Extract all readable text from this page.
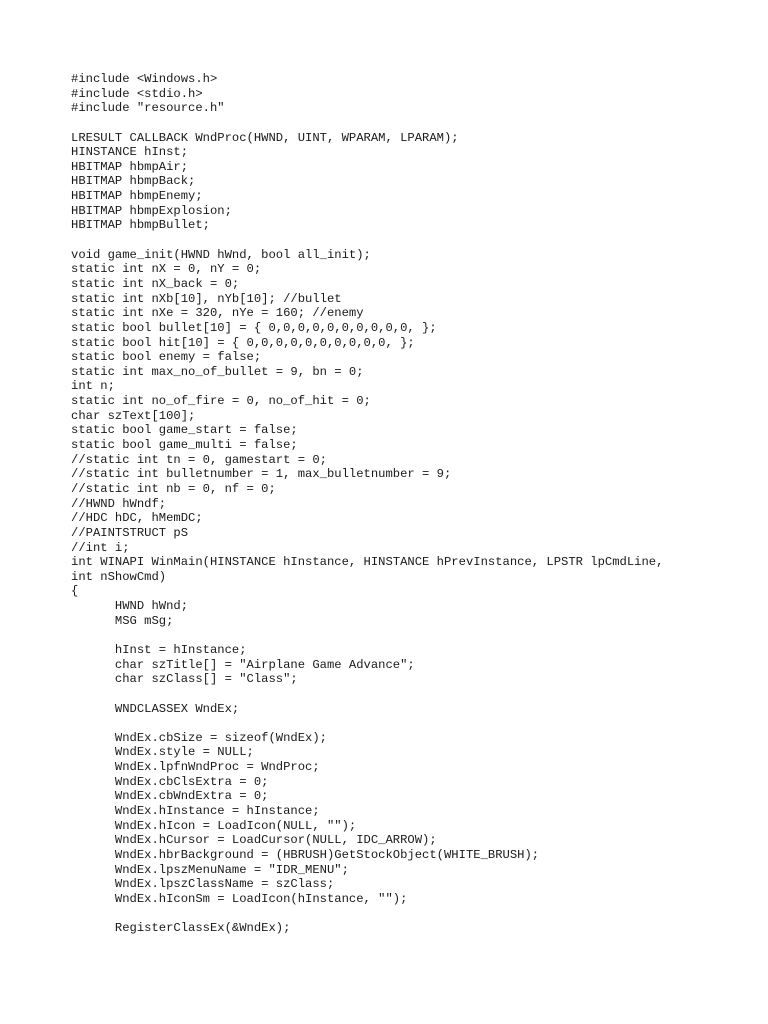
#include <Windows.h>
#include <stdio.h>
#include "resource.h"
LRESULT CALLBACK WndProc(HWND, UINT, WPARAM, LPARAM);
HINSTANCE hInst;
HBITMAP hbmpAir;
HBITMAP hbmpBack;
HBITMAP hbmpEnemy;
HBITMAP hbmpExplosion;
HBITMAP hbmpBullet;
void game_init(HWND hWnd, bool all_init);
static int nX = 0, nY = 0;
static int nX_back = 0;
static int nXb[10], nYb[10]; //bullet
static int nXe = 320, nYe = 160; //enemy
static bool bullet[10] = { 0,0,0,0,0,0,0,0,0,0, };
static bool hit[10] = { 0,0,0,0,0,0,0,0,0,0, };
static bool enemy = false;
static int max_no_of_bullet = 9, bn = 0;
int n;
static int no_of_fire = 0, no_of_hit = 0;
char szText[100];
static bool game_start = false;
static bool game_multi = false;
//static int tn = 0, gamestart = 0;
//static int bulletnumber = 1, max_bulletnumber = 9;
//static int nb = 0, nf = 0;
//HWND hWndf;
//HDC hDC, hMemDC;
//PAINTSTRUCT pS
//int i;
int WINAPI WinMain(HINSTANCE hInstance, HINSTANCE hPrevInstance, LPSTR lpCmdLine,
int nShowCmd)
{
HWND hWnd;
MSG mSg;
hInst = hInstance;
char szTitle[] = "Airplane Game Advance";
char szClass[] = "Class";
WNDCLASSEX WndEx;
WndEx.cbSize = sizeof(WndEx);
WndEx.style = NULL;
WndEx.lpfnWndProc = WndProc;
WndEx.cbClsExtra = 0;
WndEx.cbWndExtra = 0;
WndEx.hInstance = hInstance;
WndEx.hIcon = LoadIcon(NULL, "");
WndEx.hCursor = LoadCursor(NULL, IDC_ARROW);
WndEx.hbrBackground = (HBRUSH)GetStockObject(WHITE_BRUSH);
WndEx.lpszMenuName = "IDR_MENU";
WndEx.lpszClassName = szClass;
WndEx.hIconSm = LoadIcon(hInstance, "");
RegisterClassEx(&WndEx);
